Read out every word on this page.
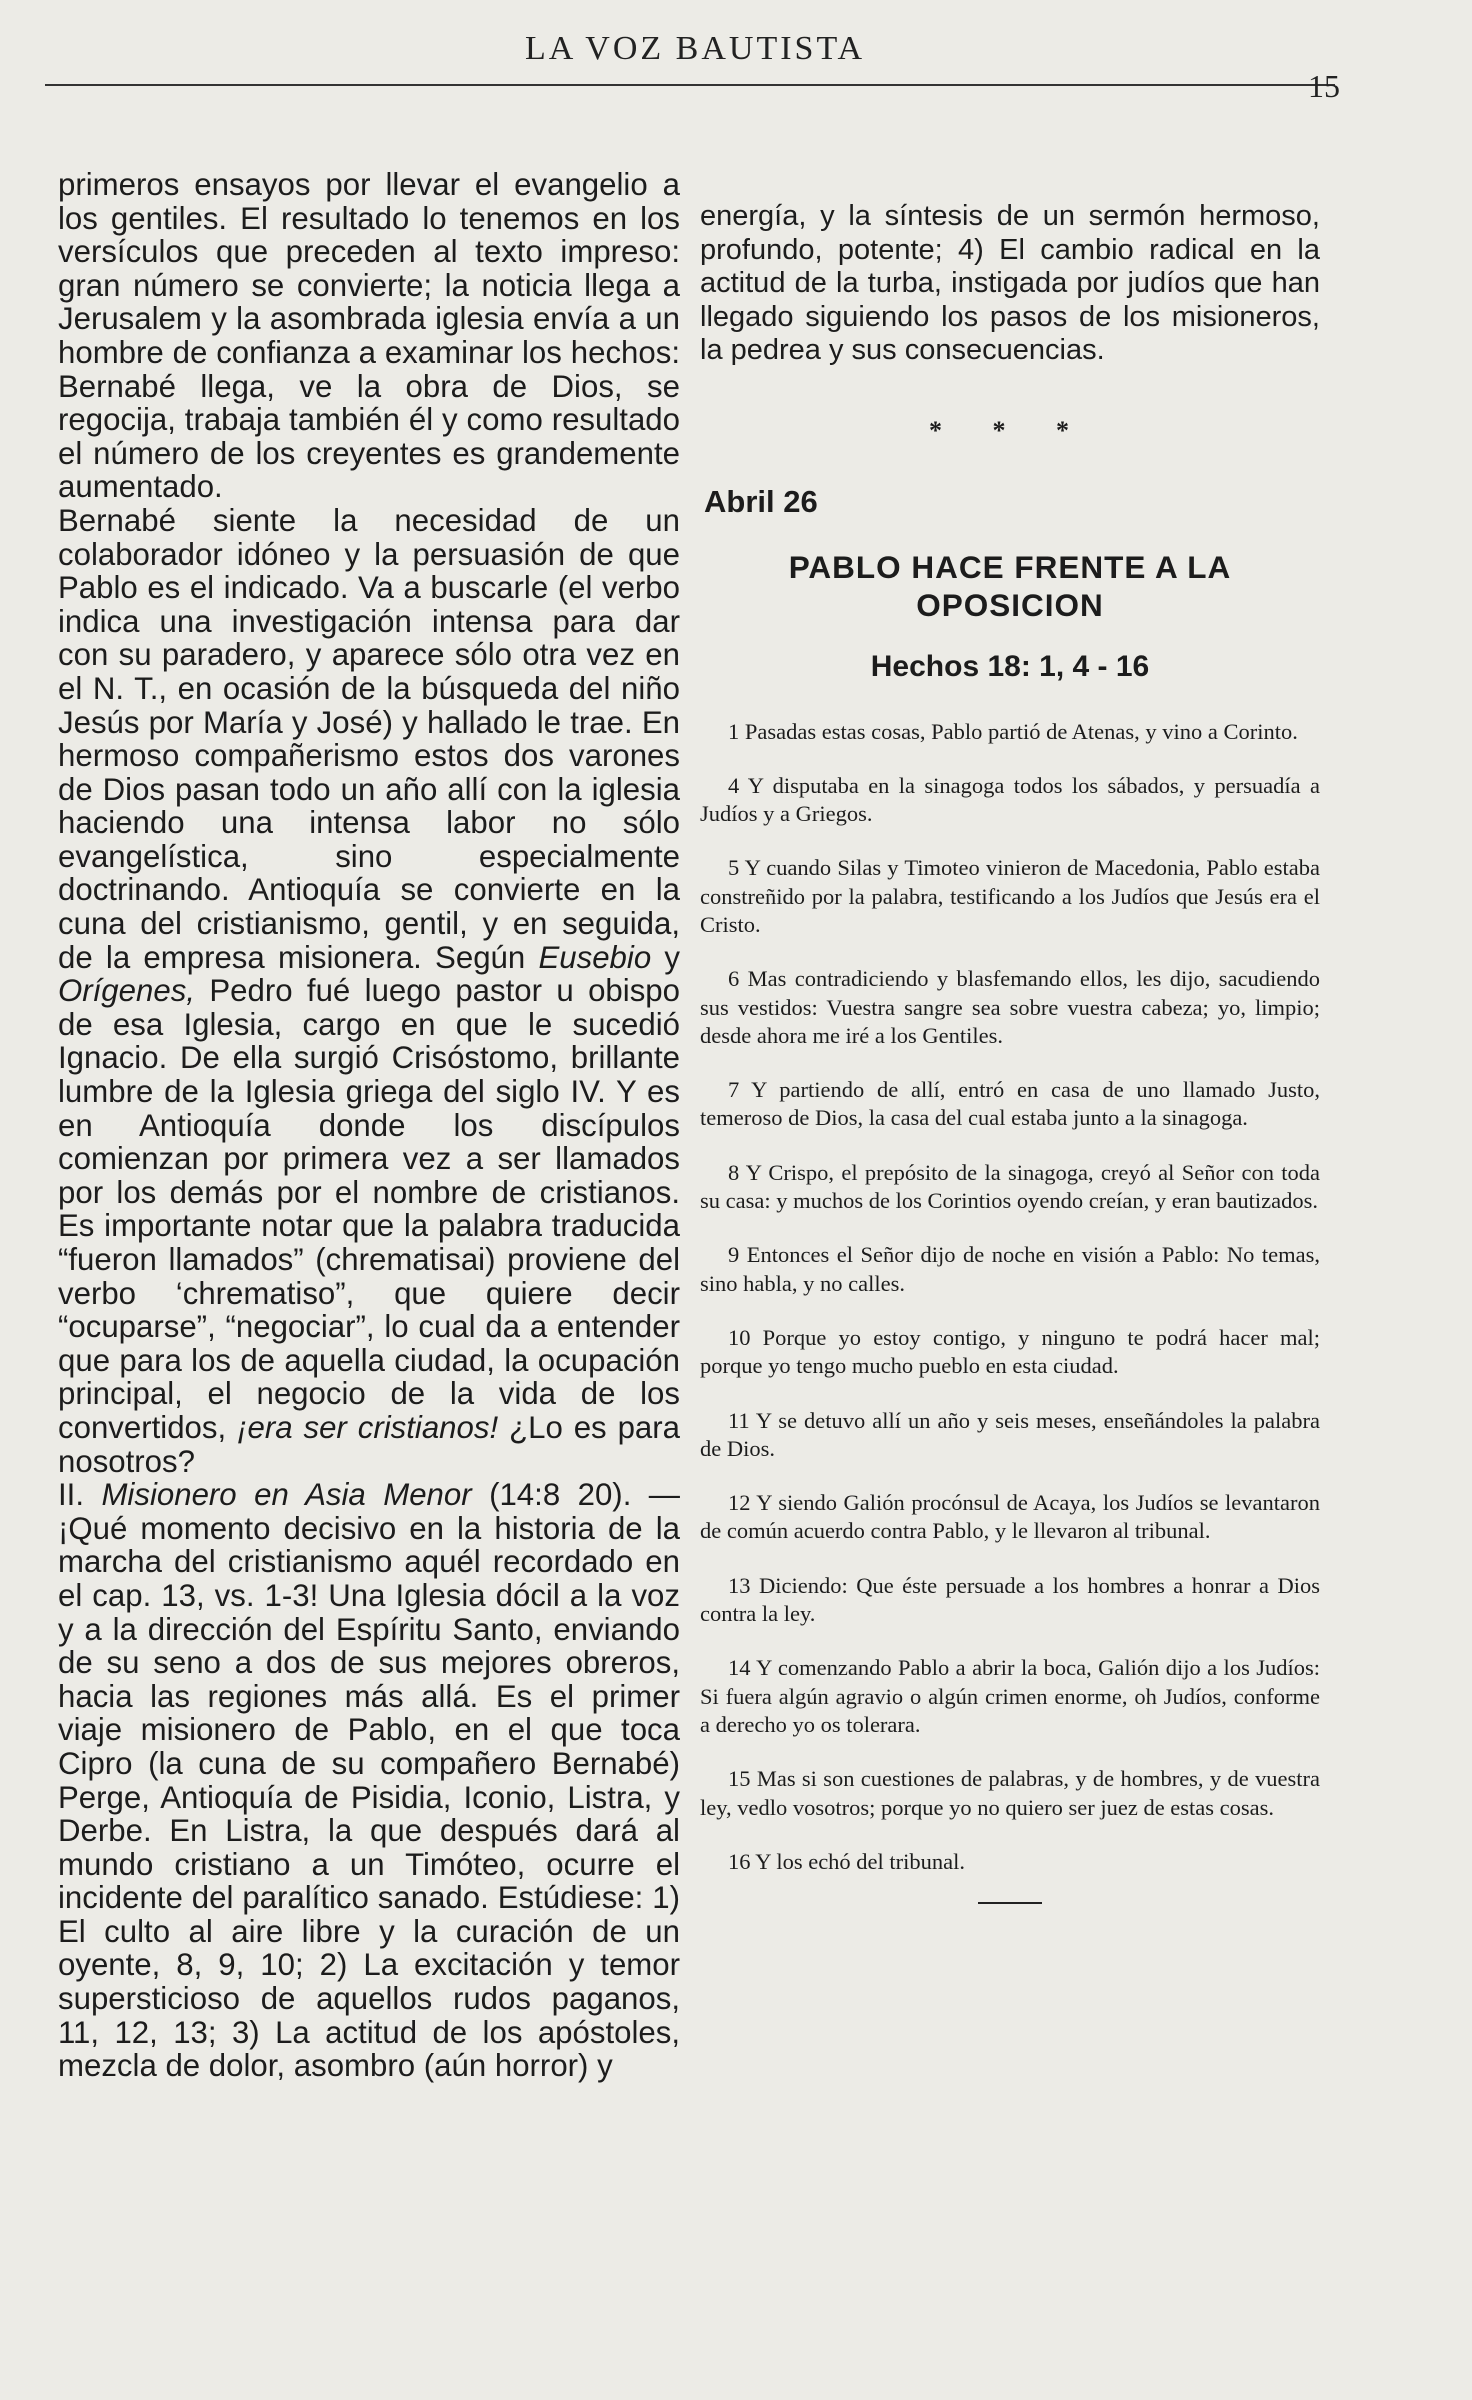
LA VOZ BAUTISTA
15

primeros ensayos por llevar el evangelio a los gentiles. El resultado lo tenemos en los versículos que preceden al texto impreso: gran número se convierte; la noticia llega a Jerusalem y la asombrada iglesia envía a un hombre de confianza a examinar los hechos: Bernabé llega, ve la obra de Dios, se regocija, trabaja también él y como resultado el número de los creyentes es grandemente aumentado.

Bernabé siente la necesidad de un colaborador idóneo y la persuasión de que Pablo es el indicado. Va a buscarle (el verbo indica una investigación intensa para dar con su paradero, y aparece sólo otra vez en el N. T., en ocasión de la búsqueda del niño Jesús por María y José) y hallado le trae. En hermoso compañerismo estos dos varones de Dios pasan todo un año allí con la iglesia haciendo una intensa labor no sólo evangelística, sino especialmente doctrinando. Antioquía se convierte en la cuna del cristianismo, gentil, y en seguida, de la empresa misionera. Según Eusebio y Orígenes, Pedro fué luego pastor u obispo de esa Iglesia, cargo en que le sucedió Ignacio. De ella surgió Crisóstomo, brillante lumbre de la Iglesia griega del siglo IV. Y es en Antioquía donde los discípulos comienzan por primera vez a ser llamados por los demás por el nombre de cristianos. Es importante notar que la palabra traducida “fueron llamados” (chrematisai) proviene del verbo ‘chrematiso”, que quiere decir “ocuparse”, “negociar”, lo cual da a entender que para los de aquella ciudad, la ocupación principal, el negocio de la vida de los convertidos, ¡era ser cristianos! ¿Lo es para nosotros?

II. Misionero en Asia Menor (14:8 20). — ¡Qué momento decisivo en la historia de la marcha del cristianismo aquél recordado en el cap. 13, vs. 1-3! Una Iglesia dócil a la voz y a la dirección del Espíritu Santo, enviando de su seno a dos de sus mejores obreros, hacia las regiones más allá. Es el primer viaje misionero de Pablo, en el que toca Cipro (la cuna de su compañero Bernabé) Perge, Antioquía de Pisidia, Iconio, Listra, y Derbe. En Listra, la que después dará al mundo cristiano a un Timóteo, ocurre el incidente del paralítico sanado. Estúdiese: 1) El culto al aire libre y la curación de un oyente, 8, 9, 10; 2) La excitación y temor supersticioso de aquellos rudos paganos, 11, 12, 13; 3) La actitud de los apóstoles, mezcla de dolor, asombro (aún horror) y

energía, y la síntesis de un sermón hermoso, profundo, potente; 4) El cambio radical en la actitud de la turba, instigada por judíos que han llegado siguiendo los pasos de los misioneros, la pedrea y sus consecuencias.

* * *
Abril 26
PABLO HACE FRENTE A LA OPOSICION
Hechos 18: 1, 4 - 16

1 Pasadas estas cosas, Pablo partió de Atenas, y vino a Corinto.

4 Y disputaba en la sinagoga todos los sábados, y persuadía a Judíos y a Griegos.

5 Y cuando Silas y Timoteo vinieron de Macedonia, Pablo estaba constreñido por la palabra, testificando a los Judíos que Jesús era el Cristo.

6 Mas contradiciendo y blasfemando ellos, les dijo, sacudiendo sus vestidos: Vuestra sangre sea sobre vuestra cabeza; yo, limpio; desde ahora me iré a los Gentiles.

7 Y partiendo de allí, entró en casa de uno llamado Justo, temeroso de Dios, la casa del cual estaba junto a la sinagoga.

8 Y Crispo, el prepósito de la sinagoga, creyó al Señor con toda su casa: y muchos de los Corintios oyendo creían, y eran bautizados.

9 Entonces el Señor dijo de noche en visión a Pablo: No temas, sino habla, y no calles.

10 Porque yo estoy contigo, y ninguno te podrá hacer mal; porque yo tengo mucho pueblo en esta ciudad.

11 Y se detuvo allí un año y seis meses, enseñándoles la palabra de Dios.

12 Y siendo Galión procónsul de Acaya, los Judíos se levantaron de común acuerdo contra Pablo, y le llevaron al tribunal.

13 Diciendo: Que éste persuade a los hombres a honrar a Dios contra la ley.

14 Y comenzando Pablo a abrir la boca, Galión dijo a los Judíos: Si fuera algún agravio o algún crimen enorme, oh Judíos, conforme a derecho yo os tolerara.

15 Mas si son cuestiones de palabras, y de hombres, y de vuestra ley, vedlo vosotros; porque yo no quiero ser juez de estas cosas.

16 Y los echó del tribunal.
